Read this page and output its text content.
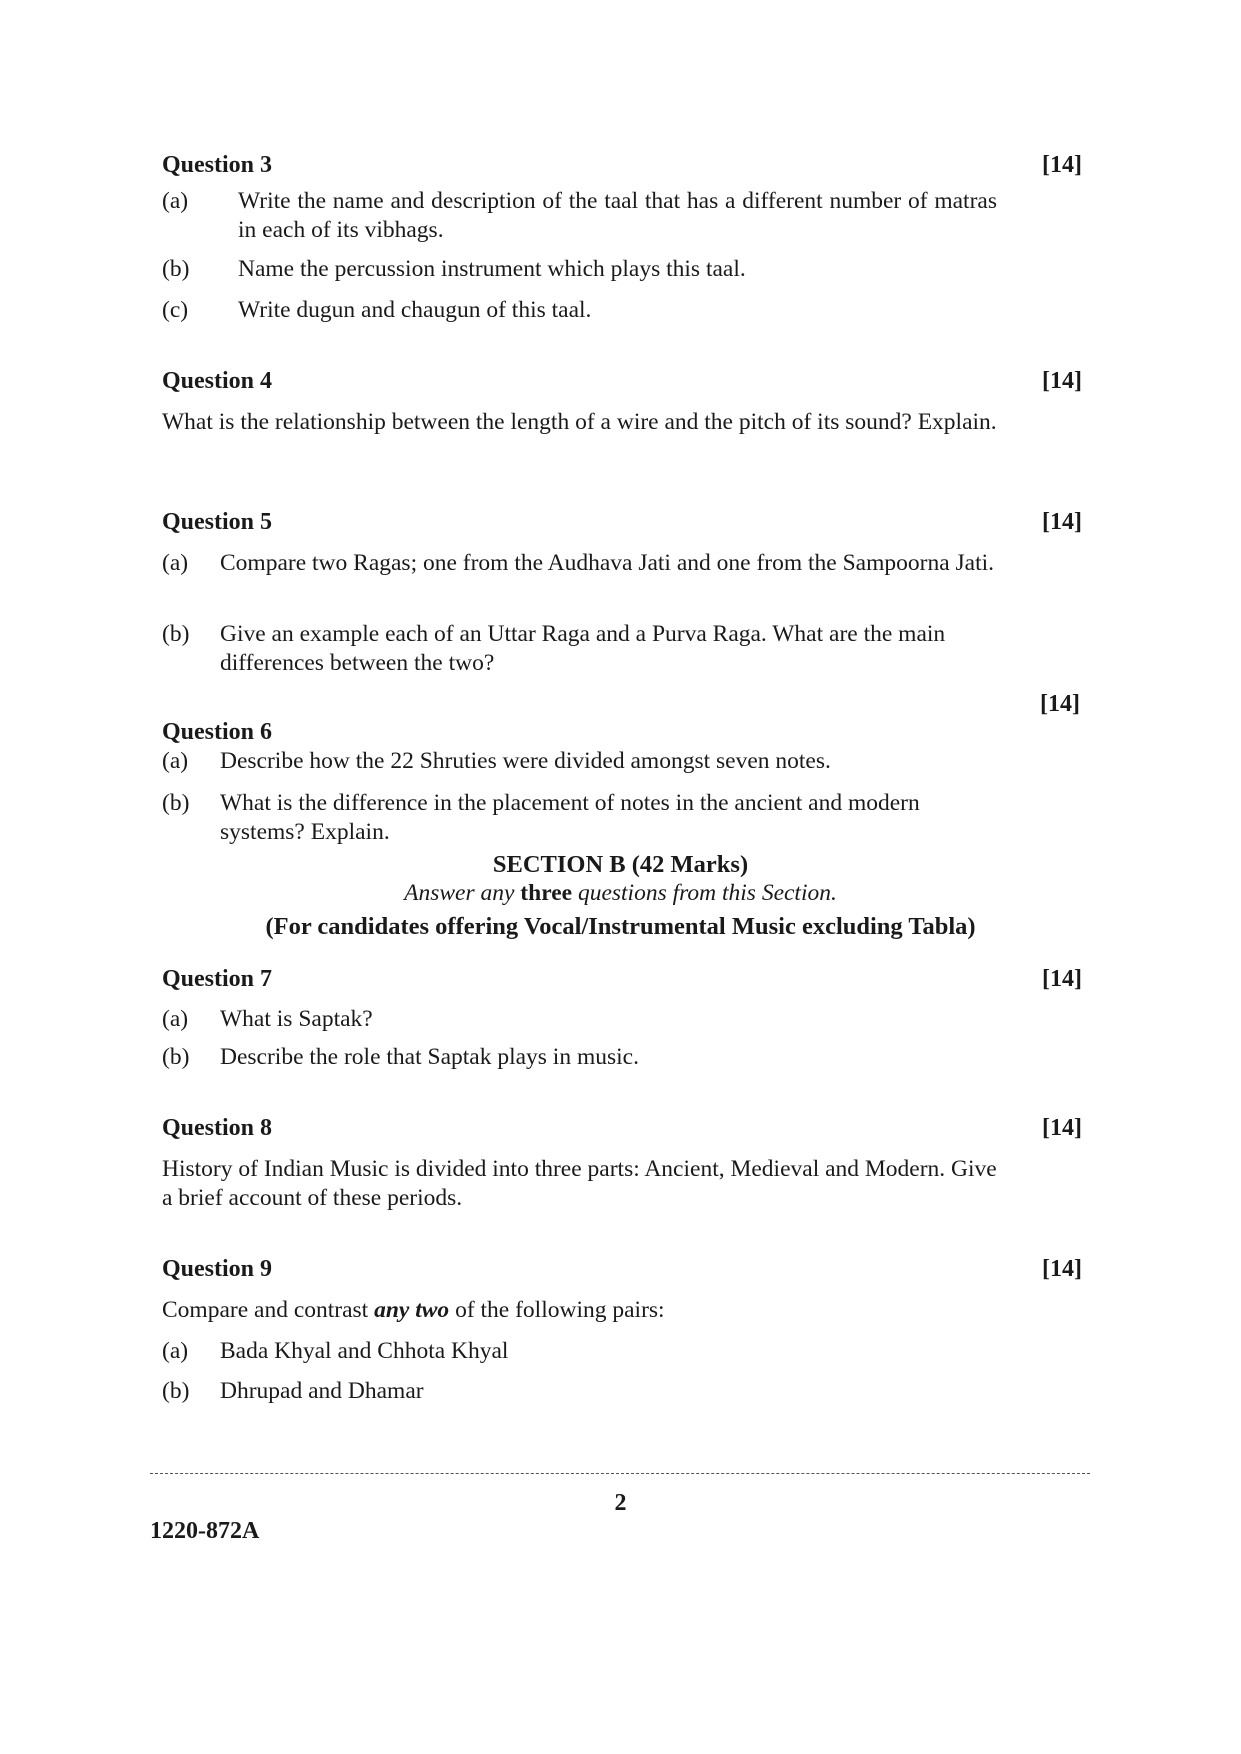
Question 3	[14]
(a) Write the name and description of the taal that has a different number of matras in each of its vibhags.
(b) Name the percussion instrument which plays this taal.
(c) Write dugun and chaugun of this taal.
Question 4	[14]
What is the relationship between the length of a wire and the pitch of its sound? Explain.
Question 5	[14]
(a) Compare two Ragas; one from the Audhava Jati and one from the Sampoorna Jati.
(b) Give an example each of an Uttar Raga and a Purva Raga. What are the main differences between the two?
[14]
Question 6
(a) Describe how the 22 Shruties were divided amongst seven notes.
(b) What is the difference in the placement of notes in the ancient and modern systems? Explain.
SECTION B (42 Marks)
Answer any three questions from this Section.
(For candidates offering Vocal/Instrumental Music excluding Tabla)
Question 7	[14]
(a) What is Saptak?
(b) Describe the role that Saptak plays in music.
Question 8	[14]
History of Indian Music is divided into three parts: Ancient, Medieval and Modern. Give a brief account of these periods.
Question 9	[14]
Compare and contrast any two of the following pairs:
(a) Bada Khyal and Chhota Khyal
(b) Dhrupad and Dhamar
2
1220-872A
